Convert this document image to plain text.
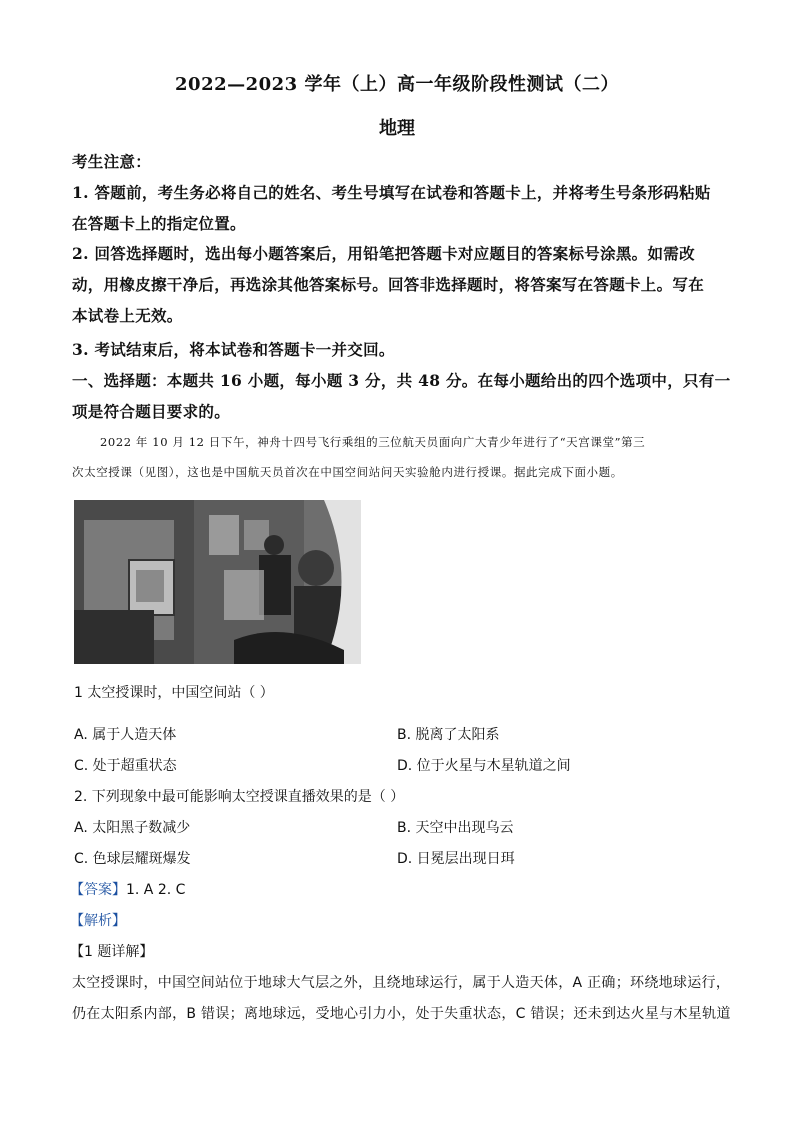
2022—2023 学年（上）高一年级阶段性测试（二）
地理
考生注意：
1. 答题前，考生务必将自己的姓名、考生号填写在试卷和答题卡上，并将考生号条形码粘贴
在答题卡上的指定位置。
2. 回答选择题时，选出每小题答案后，用铅笔把答题卡对应题目的答案标号涂黑。如需改
动，用橡皮擦干净后，再选涂其他答案标号。回答非选择题时，将答案写在答题卡上。写在
本试卷上无效。
3. 考试结束后，将本试卷和答题卡一并交回。
一、选择题：本题共 16 小题，每小题 3 分，共 48 分。在每小题给出的四个选项中，只有一
项是符合题目要求的。
2022 年 10 月 12 日下午，神舟十四号飞行乘组的三位航天员面向广大青少年进行了“天宫课堂”第三
次太空授课（见图），这也是中国航天员首次在中国空间站问天实验舱内进行授课。据此完成下面小题。
1 太空授课时，中国空间站（ ）
A. 属于人造天体	B. 脱离了太阳系
C. 处于超重状态	D. 位于火星与木星轨道之间
2. 下列现象中最可能影响太空授课直播效果的是（ ）
A. 太阳黑子数减少	B. 天空中出现乌云
C. 色球层耀斑爆发	D. 日冕层出现日珥
【答案】1. A 2. C
【解析】
【1 题详解】
太空授课时，中国空间站位于地球大气层之外，且绕地球运行，属于人造天体，A 正确；环绕地球运行，
仍在太阳系内部，B 错误；离地球远，受地心引力小，处于失重状态，C 错误；还未到达火星与木星轨道
